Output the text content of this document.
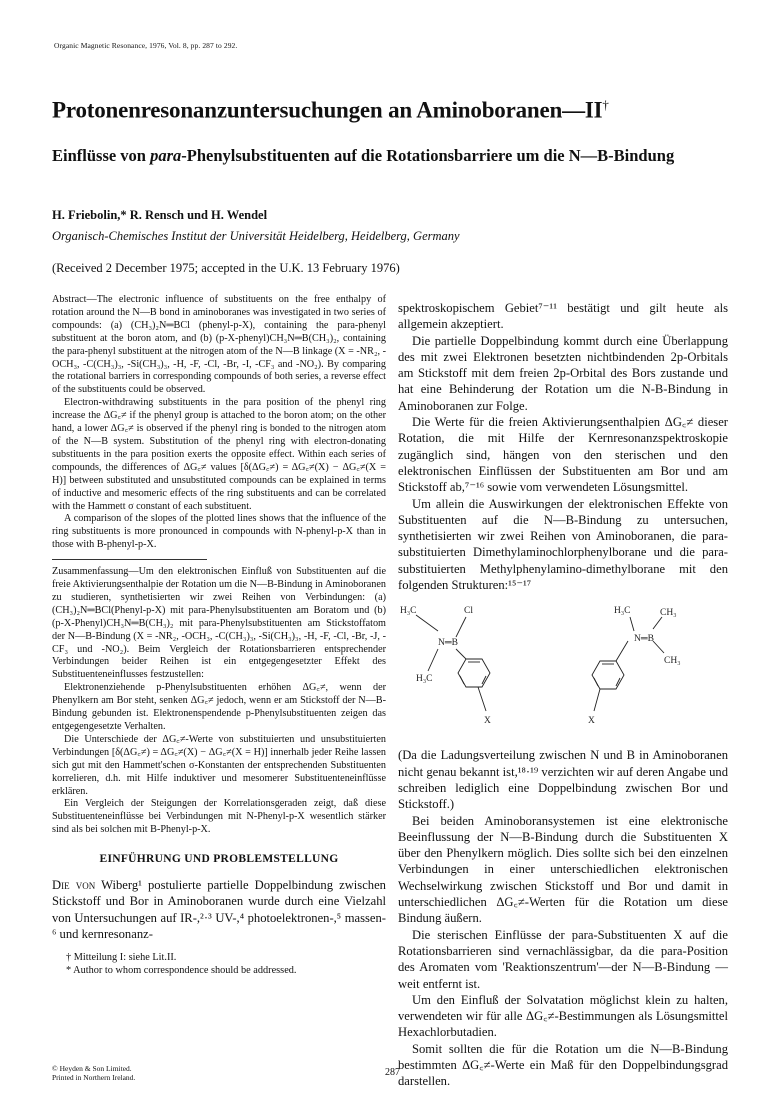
Organic Magnetic Resonance, 1976, Vol. 8, pp. 287 to 292.
Protonenresonanzuntersuchungen an Aminoboranen—II†
Einflüsse von para-Phenylsubstituenten auf die Rotationsbarriere um die N—B-Bindung
H. Friebolin,* R. Rensch und H. Wendel
Organisch-Chemisches Institut der Universität Heidelberg, Heidelberg, Germany
(Received 2 December 1975; accepted in the U.K. 13 February 1976)

Abstract—The electronic influence of substituents on the free enthalpy of rotation around the N—B bond in aminoboranes was investigated in two series of compounds: (a) (CH₃)₂N═BCl (phenyl-p-X), containing the para-phenyl substituent at the boron atom, and (b) (p-X-phenyl)CH₃N═B(CH₃)₂, containing the para-phenyl substituent at the nitrogen atom of the N—B linkage (X = -NR₂, -OCH₃, -C(CH₃)₃, -Si(CH₃)₃, -H, -F, -Cl, -Br, -I, -CF₃ and -NO₂). By comparing the rotational barriers in corresponding compounds of both series, a reverse effect of the substituents could be observed.

Electron-withdrawing substituents in the para position of the phenyl ring increase the ΔG꜀≠ if the phenyl group is attached to the boron atom; on the other hand, a lower ΔG꜀≠ is observed if the phenyl ring is bonded to the nitrogen atom of the N—B system. Substitution of the phenyl ring with electron-donating substituents in the para position exerts the opposite effect. Within each series of compounds, the differences of ΔG꜀≠ values [δ(ΔG꜀≠) = ΔG꜀≠(X) − ΔG꜀≠(X = H)] between substituted and unsubstituted compounds can be explained in terms of inductive and mesomeric effects of the ring substituents and can be correlated with the Hammett σ constant of each substituent.

A comparison of the slopes of the plotted lines shows that the influence of the ring substituents is more pronounced in compounds with N-phenyl-p-X than in those with B-phenyl-p-X.

Zusammenfassung—Um den elektronischen Einfluß von Substituenten auf die freie Aktivierungsenthalpie der Rotation um die N—B-Bindung in Aminoboranen zu studieren, synthetisierten wir zwei Reihen von Verbindungen: (a) (CH₃)₂N═BCl(Phenyl-p-X) mit para-Phenylsubstituenten am Boratom und (b) (p-X-Phenyl)CH₃N═B(CH₃)₂ mit para-Phenylsubstituenten am Stickstoffatom der N—B-Bindung (X = -NR₂, -OCH₃, -C(CH₃)₃, -Si(CH₃)₃, -H, -F, -Cl, -Br, -J, -CF₃ und -NO₂). Beim Vergleich der Rotationsbarrieren entsprechender Verbindungen beider Reihen ist ein entgegengesetzter Effekt des Substituenteneinflusses festzustellen:

Elektronenziehende p-Phenylsubstituenten erhöhen ΔG꜀≠, wenn der Phenylkern am Bor steht, senken ΔG꜀≠ jedoch, wenn er am Stickstoff der N—B-Bindung gebunden ist. Elektronenspendende p-Phenylsubstituenten zeigen das entgegengesetzte Verhalten.

Die Unterschiede der ΔG꜀≠-Werte von substituierten und unsubstituierten Verbindungen [δ(ΔG꜀≠) = ΔG꜀≠(X) − ΔG꜀≠(X = H)] innerhalb jeder Reihe lassen sich gut mit den Hammett'schen σ-Konstanten der entsprechenden Substituenten korrelieren, d.h. mit Hilfe induktiver und mesomerer Substituenteneinflüsse erklären.

Ein Vergleich der Steigungen der Korrelationsgeraden zeigt, daß diese Substituenteneinflüsse bei Verbindungen mit N-Phenyl-p-X wesentlich stärker sind als bei solchen mit B-Phenyl-p-X.

EINFÜHRUNG UND PROBLEMSTELLUNG

Die von Wiberg¹ postulierte partielle Doppelbindung zwischen Stickstoff und Bor in Aminoboranen wurde durch eine Vielzahl von Untersuchungen auf IR-,²·³ UV-,⁴ photoelektronen-,⁵ massen-⁶ und kernresonanz-

† Mitteilung I: siehe Lit.II.

* Author to whom correspondence should be addressed.

© Heyden & Son Limited.
Printed in Northern Ireland.	287

spektroskopischem Gebiet⁷⁻¹¹ bestätigt und gilt heute als allgemein akzeptiert.

Die partielle Doppelbindung kommt durch eine Überlappung des mit zwei Elektronen besetzten nichtbindenden 2p-Orbitals am Stickstoff mit dem freien 2p-Orbital des Bors zustande und hat eine Behinderung der Rotation um die N-B-Bindung in Aminoboranen zur Folge.

Die Werte für die freien Aktivierungsenthalpien ΔG꜀≠ dieser Rotation, die mit Hilfe der Kernresonanzspektroskopie zugänglich sind, hängen von den sterischen und den elektronischen Einflüssen der Substituenten am Bor und am Stickstoff ab,⁷⁻¹⁶ sowie vom verwendeten Lösungsmittel.

Um allein die Auswirkungen der elektronischen Effekte von Substituenten auf die N—B-Bindung zu untersuchen, synthetisierten wir zwei Reihen von Aminoboranen, die para-substituierten Dimethylaminochlorphenylborane und die para-substituierten Methylphenylamino-dimethylborane mit den folgenden Strukturen:¹⁵⁻¹⁷

H₃C	Cl
N═B
H₃C
X
H₃C	CH₃
N═B
CH₃
X

(Da die Ladungsverteilung zwischen N und B in Aminoboranen nicht genau bekannt ist,¹⁸·¹⁹ verzichten wir auf deren Angabe und schreiben lediglich eine Doppelbindung zwischen Bor und Stickstoff.)

Bei beiden Aminoboransystemen ist eine elektronische Beeinflussung der N—B-Bindung durch die Substituenten X über den Phenylkern möglich. Dies sollte sich bei den einzelnen Verbindungen in einer unterschiedlichen elektronischen Wechselwirkung zwischen Stickstoff und Bor und damit in unterschiedlichen ΔG꜀≠-Werten für die Rotation um diese Bindung äußern.

Die sterischen Einflüsse der para-Substituenten X auf die Rotationsbarrieren sind vernachlässigbar, da die para-Position des Aromaten vom 'Reaktionszentrum'—der N—B-Bindung — weit entfernt ist.

Um den Einfluß der Solvatation möglichst klein zu halten, verwendeten wir für alle ΔG꜀≠-Bestimmungen als Lösungsmittel Hexachlorbutadien.

Somit sollten die für die Rotation um die N—B-Bindung bestimmten ΔG꜀≠-Werte ein Maß für den Doppelbindungsgrad darstellen.
